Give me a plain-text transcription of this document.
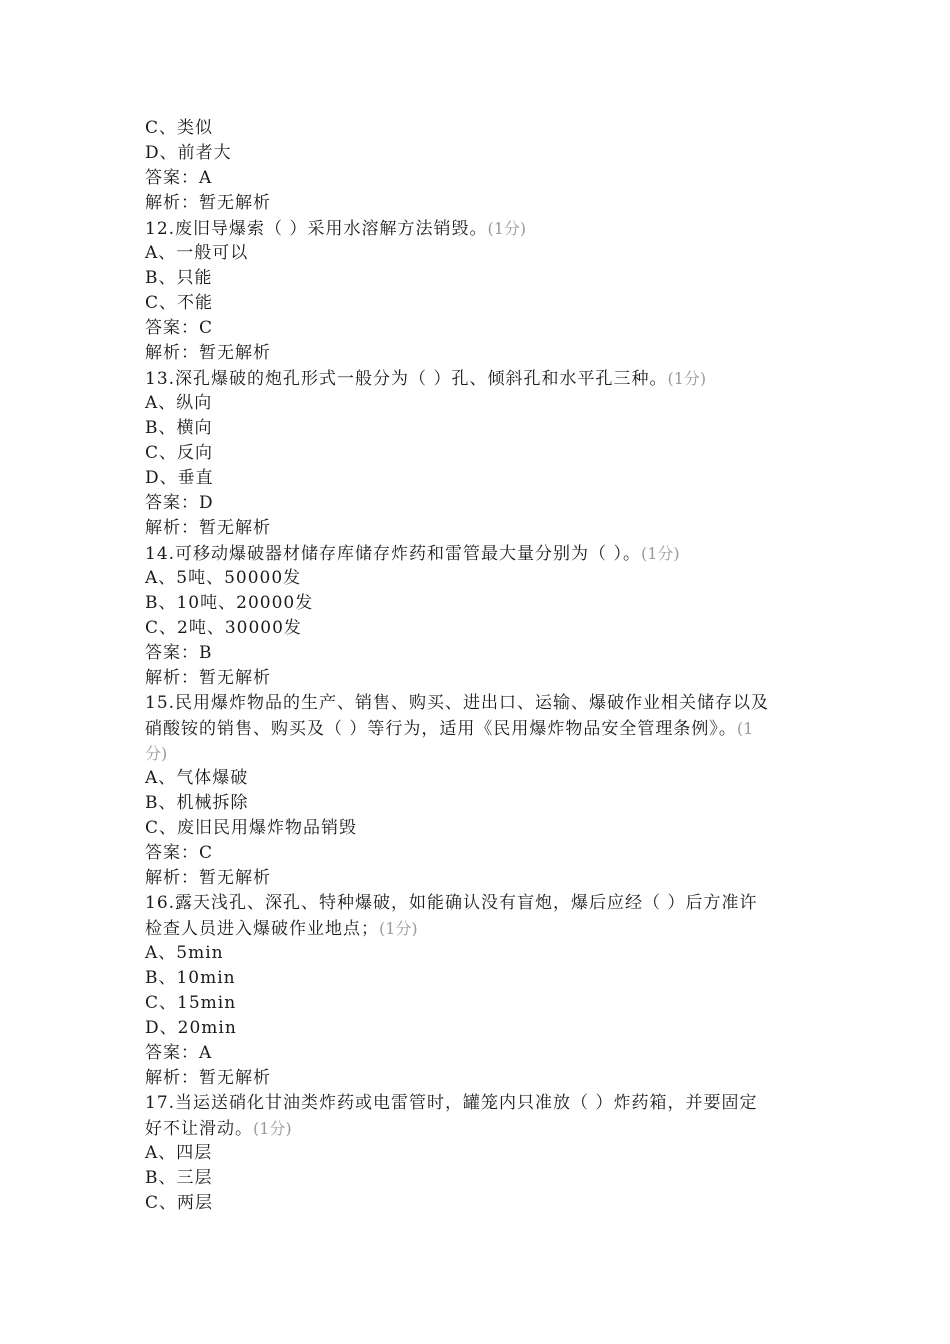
C、类似
D、前者大
答案：A
解析：暂无解析
12.废旧导爆索（ ）采用水溶解方法销毁。(1分)
A、一般可以
B、只能
C、不能
答案：C
解析：暂无解析
13.深孔爆破的炮孔形式一般分为（ ）孔、倾斜孔和水平孔三种。(1分)
A、纵向
B、横向
C、反向
D、垂直
答案：D
解析：暂无解析
14.可移动爆破器材储存库储存炸药和雷管最大量分别为（ ）。(1分)
A、5吨、50000发
B、10吨、20000发
C、2吨、30000发
答案：B
解析：暂无解析
15.民用爆炸物品的生产、销售、购买、进出口、运输、爆破作业相关储存以及
硝酸铵的销售、购买及（ ）等行为，适用《民用爆炸物品安全管理条例》。(1
分)
A、气体爆破
B、机械拆除
C、废旧民用爆炸物品销毁
答案：C
解析：暂无解析
16.露天浅孔、深孔、特种爆破，如能确认没有盲炮，爆后应经（ ）后方准许
检查人员进入爆破作业地点；(1分)
A、5min
B、10min
C、15min
D、20min
答案：A
解析：暂无解析
17.当运送硝化甘油类炸药或电雷管时，罐笼内只准放（ ）炸药箱，并要固定
好不让滑动。(1分)
A、四层
B、三层
C、两层
